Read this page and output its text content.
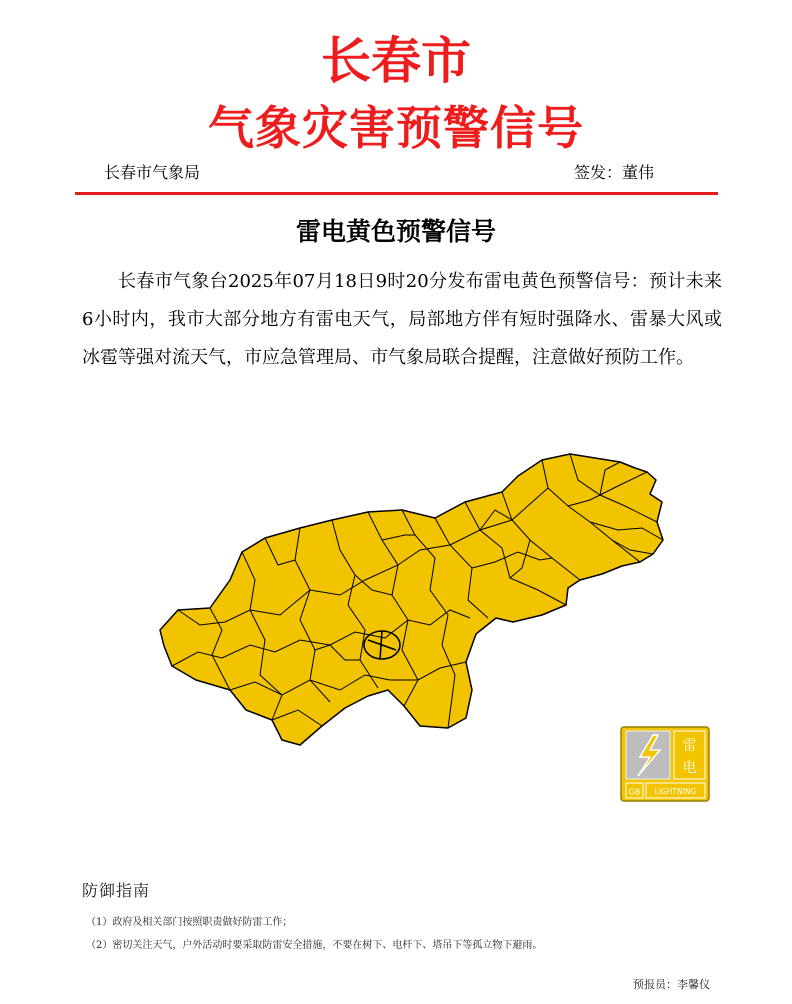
长春市
气象灾害预警信号
长春市气象局	签发：董伟
雷电黄色预警信号
长春市气象台2025年07月18日9时20分发布雷电黄色预警信号：预计未来6小时内，我市大部分地方有雷电天气，局部地方伴有短时强降水、雷暴大风或冰雹等强对流天气，市应急管理局、市气象局联合提醒，注意做好预防工作。
雷
电
GB LIGHTNING
防御指南
（1）政府及相关部门按照职责做好防雷工作；
（2）密切关注天气，户外活动时要采取防雷安全措施，不要在树下、电杆下、塔吊下等孤立物下避雨。
预报员：李馨仪
